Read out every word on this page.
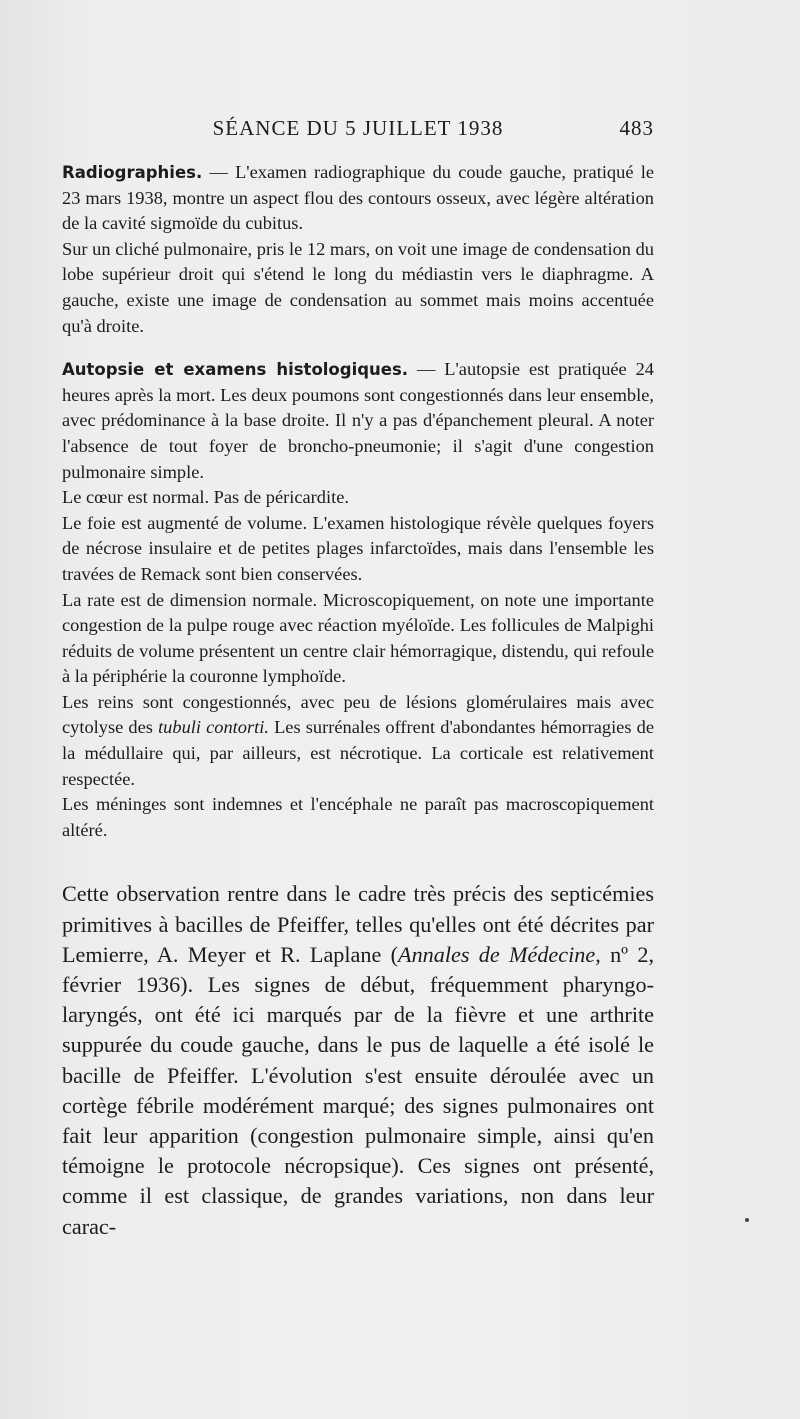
SÉANCE DU 5 JUILLET 1938	483

Radiographies. — L'examen radiographique du coude gauche, pratiqué le 23 mars 1938, montre un aspect flou des contours osseux, avec légère altération de la cavité sigmoïde du cubitus.

Sur un cliché pulmonaire, pris le 12 mars, on voit une image de condensation du lobe supérieur droit qui s'étend le long du médiastin vers le diaphragme. A gauche, existe une image de condensation au sommet mais moins accentuée qu'à droite.

Autopsie et examens histologiques. — L'autopsie est pratiquée 24 heures après la mort. Les deux poumons sont congestionnés dans leur ensemble, avec prédominance à la base droite. Il n'y a pas d'épanchement pleural. A noter l'absence de tout foyer de broncho-pneumonie; il s'agit d'une congestion pulmonaire simple.

Le cœur est normal. Pas de péricardite.

Le foie est augmenté de volume. L'examen histologique révèle quelques foyers de nécrose insulaire et de petites plages infarctoïdes, mais dans l'ensemble les travées de Remack sont bien conservées.

La rate est de dimension normale. Microscopiquement, on note une importante congestion de la pulpe rouge avec réaction myéloïde. Les follicules de Malpighi réduits de volume présentent un centre clair hémorragique, distendu, qui refoule à la périphérie la couronne lymphoïde.

Les reins sont congestionnés, avec peu de lésions glomérulaires mais avec cytolyse des tubuli contorti. Les surrénales offrent d'abondantes hémorragies de la médullaire qui, par ailleurs, est nécrotique. La corticale est relativement respectée.

Les méninges sont indemnes et l'encéphale ne paraît pas macroscopiquement altéré.

Cette observation rentre dans le cadre très précis des septicémies primitives à bacilles de Pfeiffer, telles qu'elles ont été décrites par Lemierre, A. Meyer et R. Laplane (Annales de Médecine, nº 2, février 1936). Les signes de début, fréquemment pharyngo-laryngés, ont été ici marqués par de la fièvre et une arthrite suppurée du coude gauche, dans le pus de laquelle a été isolé le bacille de Pfeiffer. L'évolution s'est ensuite déroulée avec un cortège fébrile modérément marqué; des signes pulmonaires ont fait leur apparition (congestion pulmonaire simple, ainsi qu'en témoigne le protocole nécropsique). Ces signes ont présenté, comme il est classique, de grandes variations, non dans leur carac-
